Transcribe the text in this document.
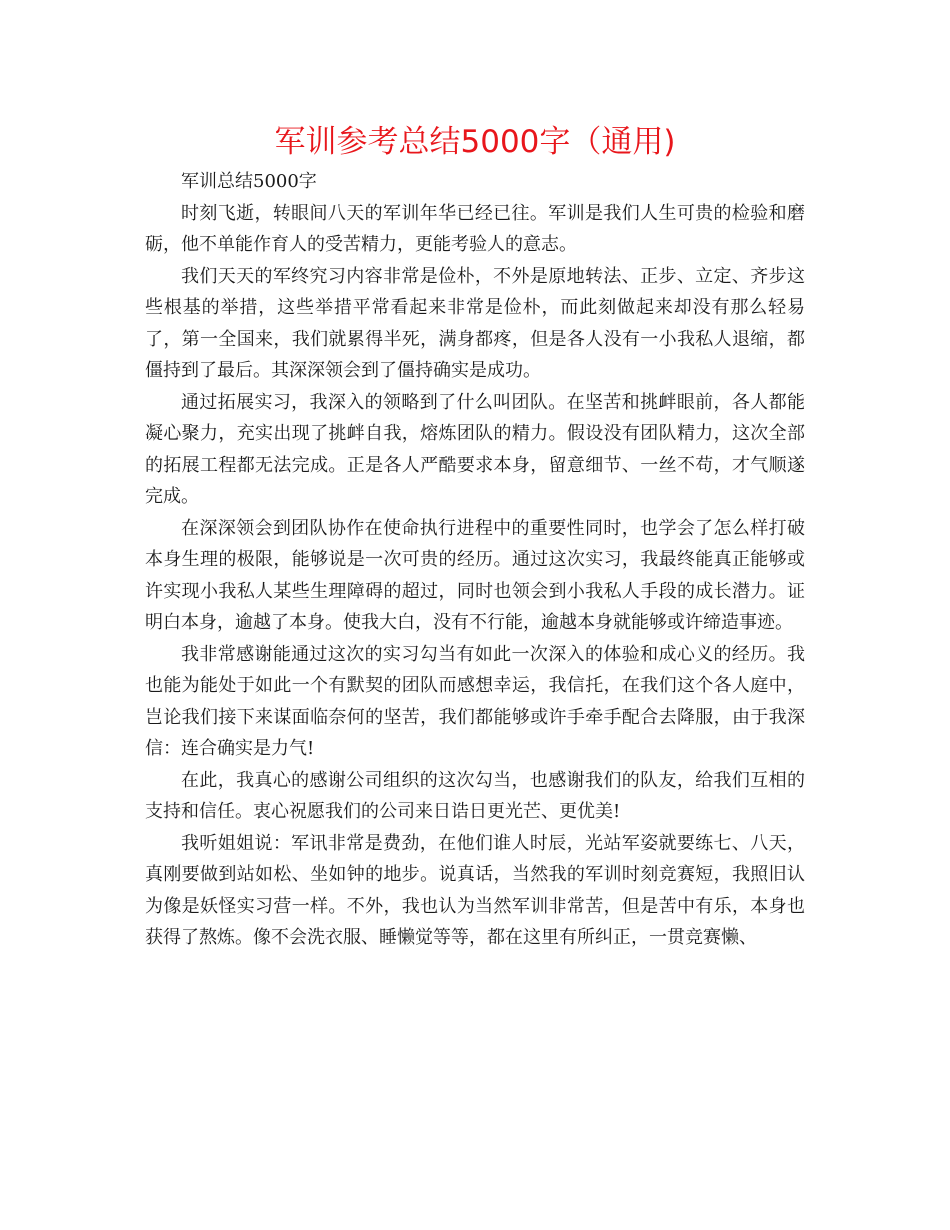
军训参考总结5000字（通用)

军训总结5000字

时刻飞逝，转眼间八天的军训年华已经已往。军训是我们人生可贵的检验和磨砺，他不单能作育人的受苦精力，更能考验人的意志。

我们天天的军终究习内容非常是俭朴，不外是原地转法、正步、立定、齐步这些根基的举措，这些举措平常看起来非常是俭朴，而此刻做起来却没有那么轻易了，第一全国来，我们就累得半死，满身都疼，但是各人没有一小我私人退缩，都僵持到了最后。其深深领会到了僵持确实是成功。

通过拓展实习，我深入的领略到了什么叫团队。在坚苦和挑衅眼前，各人都能凝心聚力，充实出现了挑衅自我，熔炼团队的精力。假设没有团队精力，这次全部的拓展工程都无法完成。正是各人严酷要求本身，留意细节、一丝不苟，才气顺遂完成。

在深深领会到团队协作在使命执行进程中的重要性同时，也学会了怎么样打破本身生理的极限，能够说是一次可贵的经历。通过这次实习，我最终能真正能够或许实现小我私人某些生理障碍的超过，同时也领会到小我私人手段的成长潜力。证明白本身，逾越了本身。使我大白，没有不行能，逾越本身就能够或许缔造事迹。

我非常感谢能通过这次的实习勾当有如此一次深入的体验和成心义的经历。我也能为能处于如此一个有默契的团队而感想幸运，我信托，在我们这个各人庭中，岂论我们接下来谋面临奈何的坚苦，我们都能够或许手牵手配合去降服，由于我深信：连合确实是力气!

在此，我真心的感谢公司组织的这次勾当，也感谢我们的队友，给我们互相的支持和信任。衷心祝愿我们的公司来日诰日更光芒、更优美!

我听姐姐说：军讯非常是费劲，在他们谁人时辰，光站军姿就要练七、八天，真刚要做到站如松、坐如钟的地步。说真话，当然我的军训时刻竞赛短，我照旧认为像是妖怪实习营一样。不外，我也认为当然军训非常苦，但是苦中有乐，本身也获得了熬炼。像不会洗衣服、睡懒觉等等，都在这里有所纠正，一贯竞赛懒、
